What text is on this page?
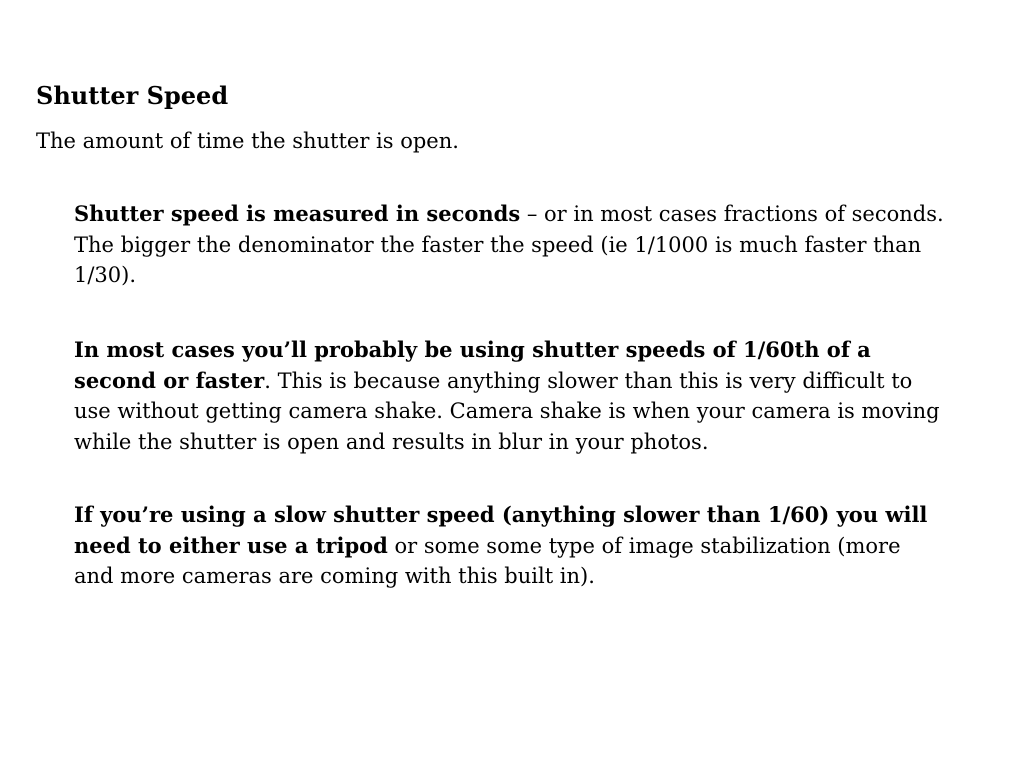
Shutter Speed

The amount of time the shutter is open.

Shutter speed is measured in seconds – or in most cases fractions of seconds. The bigger the denominator the faster the speed (ie 1/1000 is much faster than 1/30).

In most cases you’ll probably be using shutter speeds of 1/60th of a second or faster. This is because anything slower than this is very difficult to use without getting camera shake. Camera shake is when your camera is moving while the shutter is open and results in blur in your photos.

If you’re using a slow shutter speed (anything slower than 1/60) you will need to either use a tripod or some some type of image stabilization (more and more cameras are coming with this built in).
